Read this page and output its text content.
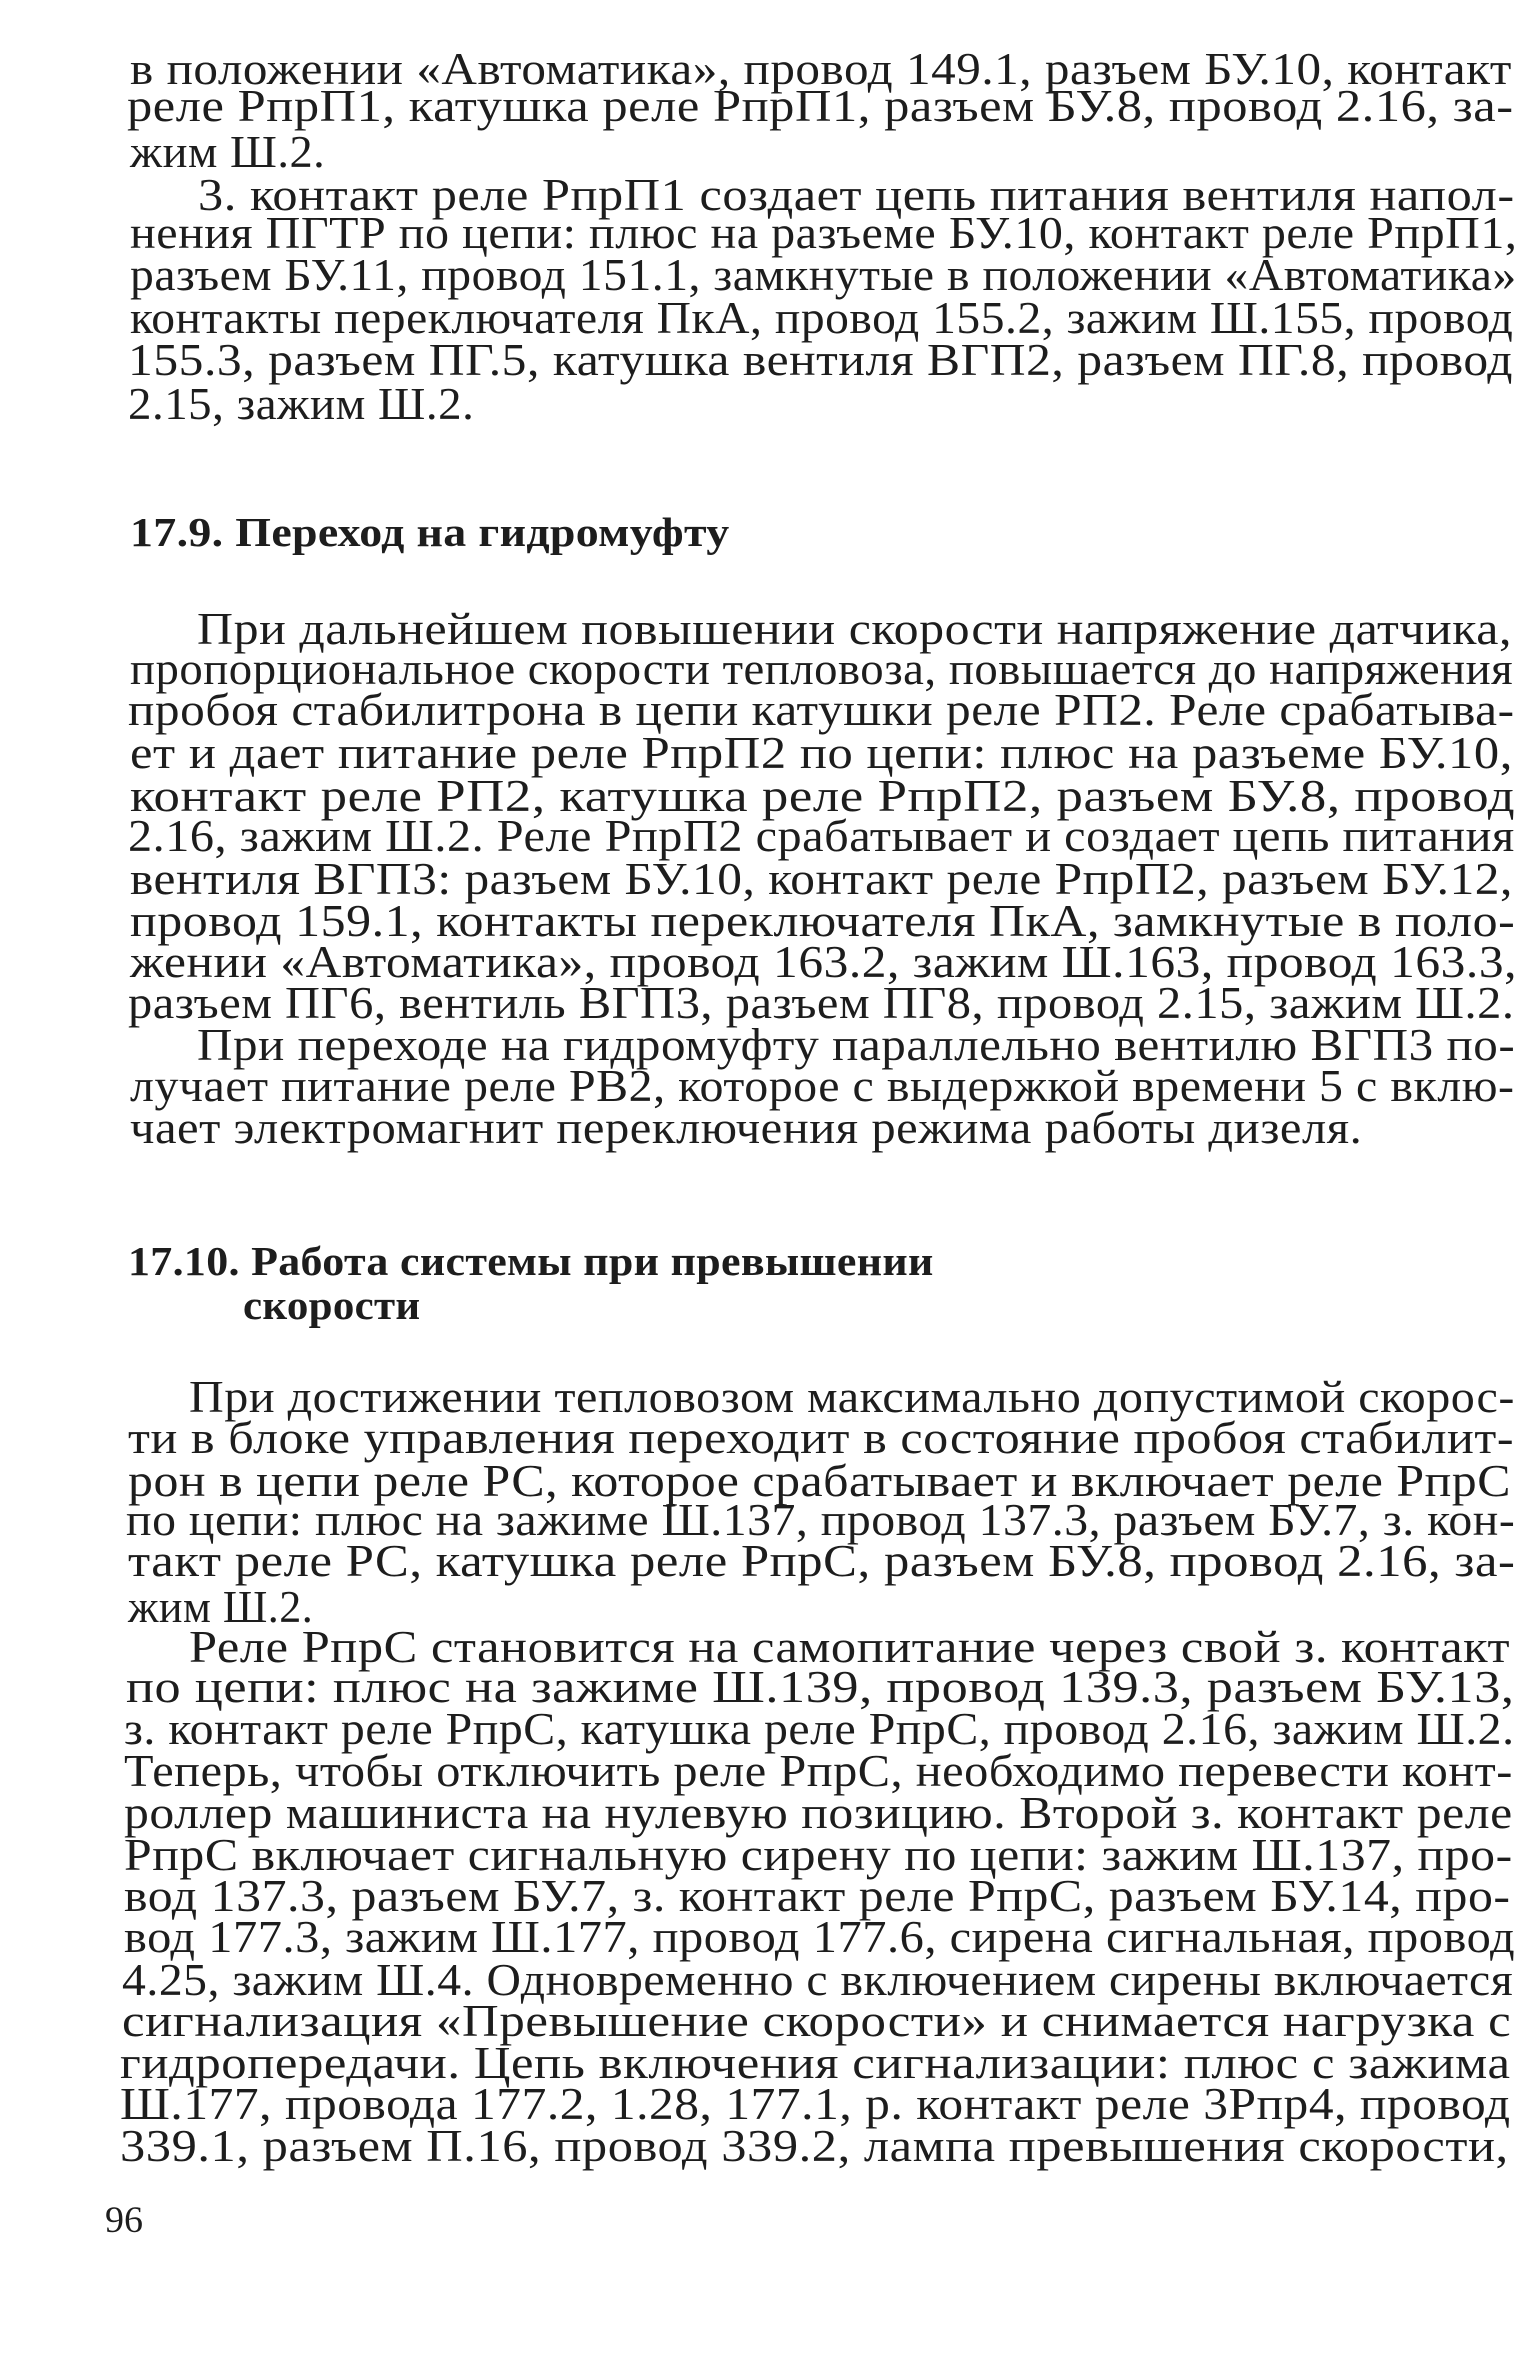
в положении «Автоматика», провод 149.1, разъем БУ.10, контакт
реле РпрП1, катушка реле РпрП1, разъем БУ.8, провод 2.16, за-
жим Ш.2.
3. контакт реле РпрП1 создает цепь питания вентиля напол-
нения ПГТР по цепи: плюс на разъеме БУ.10, контакт реле РпрП1,
разъем БУ.11, провод 151.1, замкнутые в положении «Автоматика»
контакты переключателя ПкА, провод 155.2, зажим Ш.155, провод
155.3, разъем ПГ.5, катушка вентиля ВГП2, разъем ПГ.8, провод
2.15, зажим Ш.2.
17.9. Переход на гидромуфту
При дальнейшем повышении скорости напряжение датчика,
пропорциональное скорости тепловоза, повышается до напряжения
пробоя стабилитрона в цепи катушки реле РП2. Реле срабатыва-
ет и дает питание реле РпрП2 по цепи: плюс на разъеме БУ.10,
контакт реле РП2, катушка реле РпрП2, разъем БУ.8, провод
2.16, зажим Ш.2. Реле РпрП2 срабатывает и создает цепь питания
вентиля ВГП3: разъем БУ.10, контакт реле РпрП2, разъем БУ.12,
провод 159.1, контакты переключателя ПкА, замкнутые в поло-
жении «Автоматика», провод 163.2, зажим Ш.163, провод 163.3,
разъем ПГ6, вентиль ВГП3, разъем ПГ8, провод 2.15, зажим Ш.2.
При переходе на гидромуфту параллельно вентилю ВГП3 по-
лучает питание реле РВ2, которое с выдержкой времени 5 с вклю-
чает электромагнит переключения режима работы дизеля.
17.10. Работа системы при превышении
скорости
При достижении тепловозом максимально допустимой скорос-
ти в блоке управления переходит в состояние пробоя стабилит-
рон в цепи реле РС, которое срабатывает и включает реле РпрС
по цепи: плюс на зажиме Ш.137, провод 137.3, разъем БУ.7, з. кон-
такт реле РС, катушка реле РпрС, разъем БУ.8, провод 2.16, за-
жим Ш.2.
Реле РпрС становится на самопитание через свой з. контакт
по цепи: плюс на зажиме Ш.139, провод 139.3, разъем БУ.13,
з. контакт реле РпрС, катушка реле РпрС, провод 2.16, зажим Ш.2.
Теперь, чтобы отключить реле РпрС, необходимо перевести конт-
роллер машиниста на нулевую позицию. Второй з. контакт реле
РпрС включает сигнальную сирену по цепи: зажим Ш.137, про-
вод 137.3, разъем БУ.7, з. контакт реле РпрС, разъем БУ.14, про-
вод 177.3, зажим Ш.177, провод 177.6, сирена сигнальная, провод
4.25, зажим Ш.4. Одновременно с включением сирены включается
сигнализация «Превышение скорости» и снимается нагрузка с
гидропередачи. Цепь включения сигнализации: плюс с зажима
Ш.177, провода 177.2, 1.28, 177.1, р. контакт реле 3Рпр4, провод
339.1, разъем П.16, провод 339.2, лампа превышения скорости,
96
